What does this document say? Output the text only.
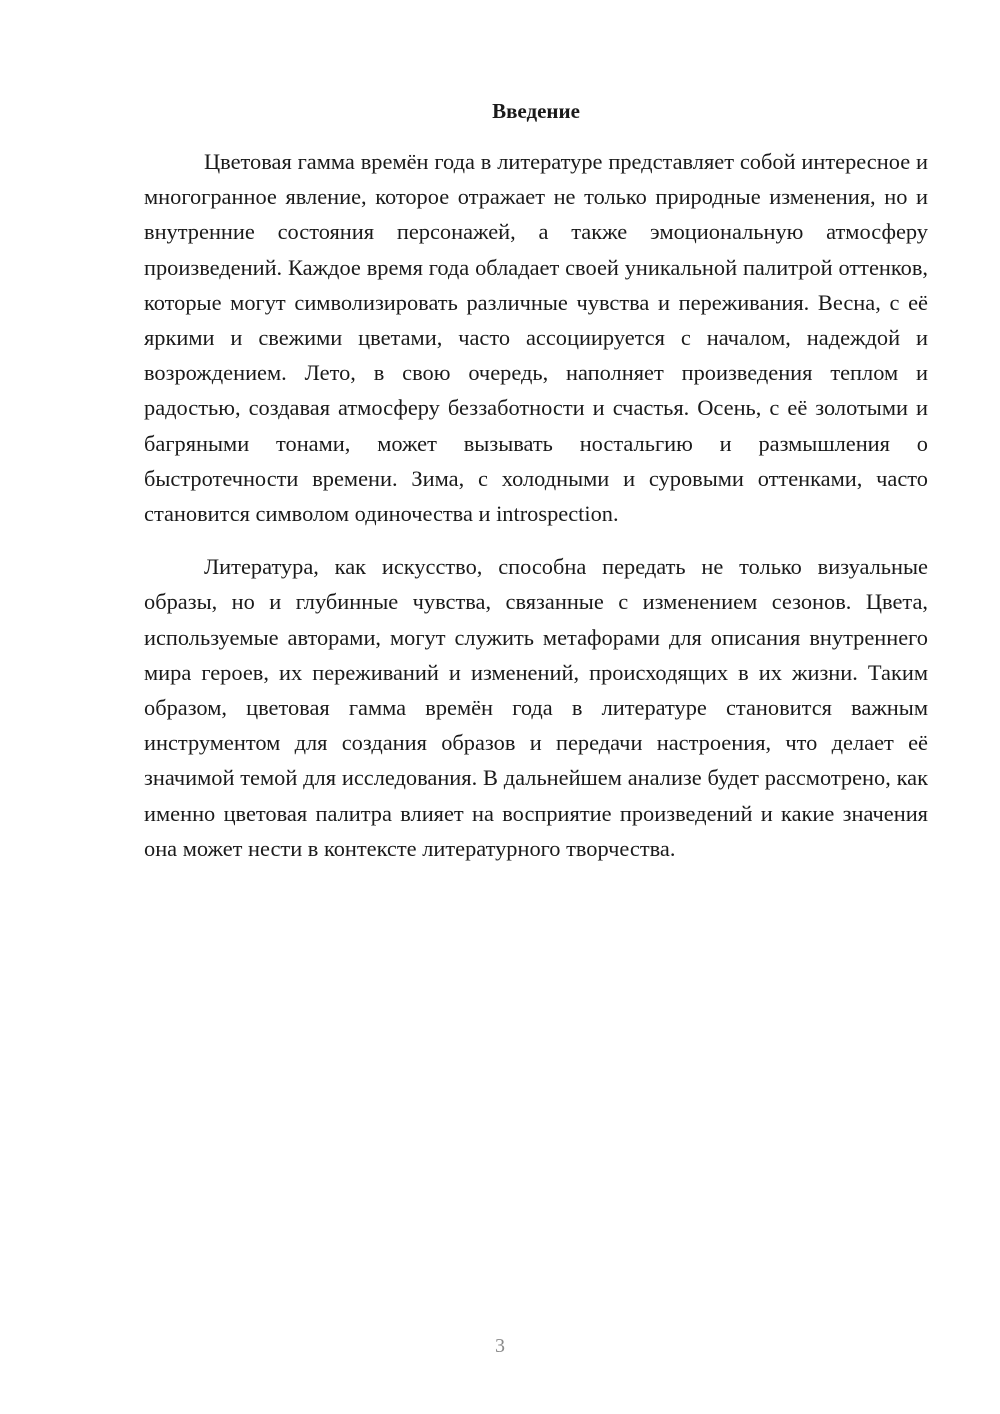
Введение

Цветовая гамма времён года в литературе представляет собой интересное и многогранное явление, которое отражает не только природные изменения, но и внутренние состояния персонажей, а также эмоциональную атмосферу произведений. Каждое время года обладает своей уникальной палитрой оттенков, которые могут символизировать различные чувства и переживания. Весна, с её яркими и свежими цветами, часто ассоциируется с началом, надеждой и возрождением. Лето, в свою очередь, наполняет произведения теплом и радостью, создавая атмосферу беззаботности и счастья. Осень, с её золотыми и багряными тонами, может вызывать ностальгию и размышления о быстротечности времени. Зима, с холодными и суровыми оттенками, часто становится символом одиночества и introspection.

Литература, как искусство, способна передать не только визуальные образы, но и глубинные чувства, связанные с изменением сезонов. Цвета, используемые авторами, могут служить метафорами для описания внутреннего мира героев, их переживаний и изменений, происходящих в их жизни. Таким образом, цветовая гамма времён года в литературе становится важным инструментом для создания образов и передачи настроения, что делает её значимой темой для исследования. В дальнейшем анализе будет рассмотрено, как именно цветовая палитра влияет на восприятие произведений и какие значения она может нести в контексте литературного творчества.

3
